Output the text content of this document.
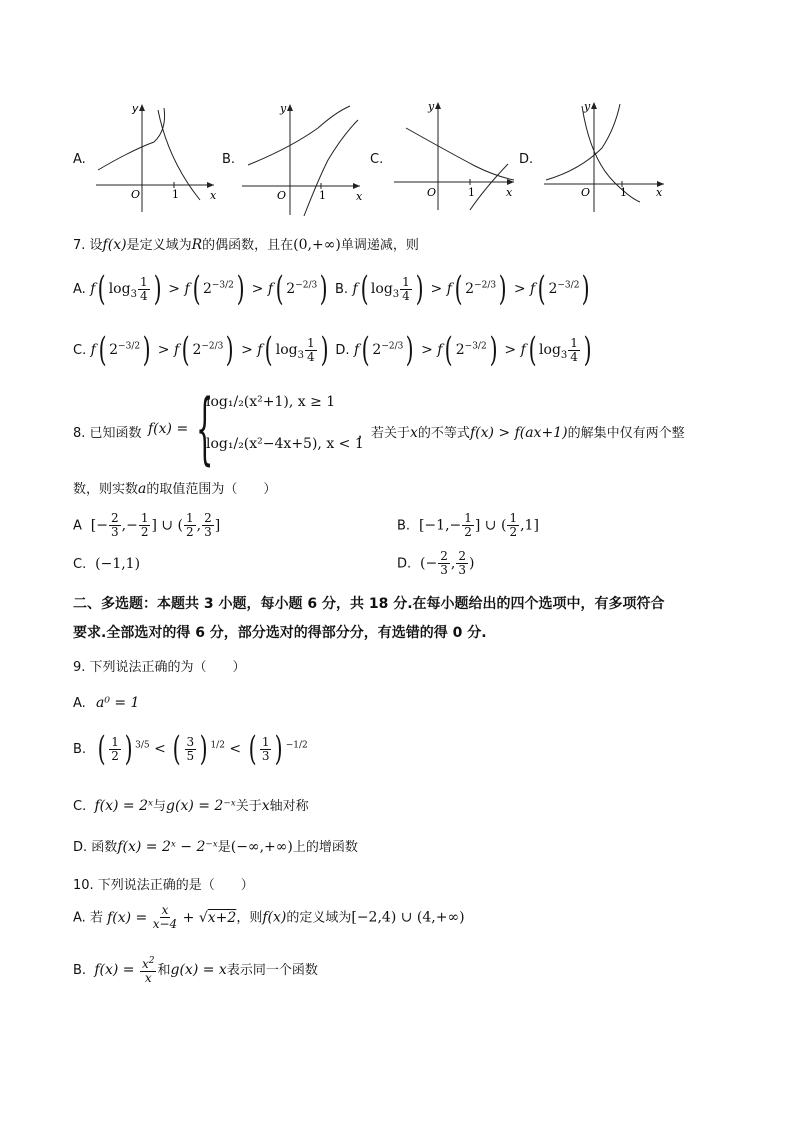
A.
y
x
O	1
B.
y
x
O	1
C.
y
x
O	1
D.
y
x
O	1
7. 设f(x)是定义域为R的偶函数，且在(0,+∞)单调递减，则
A. f( $\log_3 \frac{1}{4}$ ) > f( $2^{-3/2}) > f$( $2^{-2/3}$) B. f( $\log_3 \frac{1}{4}$ ) > f( $2^{-2/3}) > f$( $2^{-3/2}$)
C. f( $2^{-3/2}) > f$( $2^{-2/3}) > f$( $\log_3 \frac{1}{4}$ ) D. f( $2^{-2/3}) > f$( $2^{-3/2}) > f$( $\log_3 \frac{1}{4}$ )
8. 已知函数 f(x) = {
log₁/₂(x²+1), x ≥ 1
log₁/₂(x²−4x+5), x < 1
，若关于x的不等式f(x) > f(ax+1)的解集中仅有两个整
数，则实数a的取值范围为（　　）
A  [− $\frac{2}{3}$ ,− $\frac{1}{2}$ ] ∪ ( $\frac{1}{2}$ , $\frac{2}{3}$ ]	B.  [$-1,- \frac{1}{2}$ ] ∪ ( $\frac{1}{2} ,1$]
C. (−1,1)	D.  (− $\frac{2}{3}$ , $\frac{2}{3}$ )
二、多选题：本题共 3 小题，每小题 6 分，共 18 分.在每小题给出的四个选项中，有多项符合
要求.全部选对的得 6 分，部分选对的得部分分，有选错的得 0 分.
9. 下列说法正确的为（　　）
A. a⁰ = 1
B. ( $\frac{1}{2}$ ) $^{3/5}$ < ( $\frac{3}{5}$ ) $^{1/2}$ < ( $\frac{1}{3}$ ) $^{-1/2}$
C. f(x) = 2ˣ与g(x) = 2⁻ˣ关于x轴对称
D. 函数f(x) = 2ˣ − 2⁻ˣ是(−∞,+∞)上的增函数
10. 下列说法正确的是（　　）
A. 若 $f(x) = \frac{x}{x-4} + √x+2$，则f(x)的定义域为[−2,4) ∪ (4,+∞)
B. $f(x) = \frac{x^2}{x}$ 和g(x) = x表示同一个函数
